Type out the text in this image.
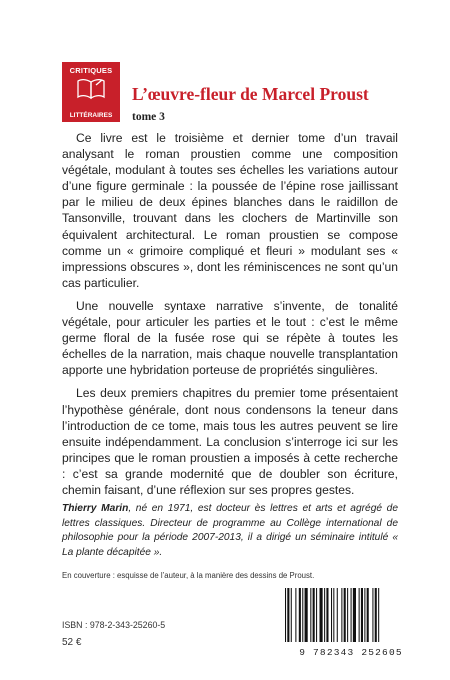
CRITIQUES
LITTÉRAIRES
L’œuvre-fleur de Marcel Proust
tome 3

Ce livre est le troisième et dernier tome d’un travail analysant le roman proustien comme une composition végétale, modulant à toutes ses échelles les variations autour d’une figure germinale : la poussée de l’épine rose jaillissant par le milieu de deux épines blanches dans le raidillon de Tansonville, trouvant dans les clochers de Martinville son équivalent architectural. Le roman proustien se compose comme un « grimoire compliqué et fleuri » modulant ses « impressions obscures », dont les réminiscences ne sont qu’un cas particulier.

Une nouvelle syntaxe narrative s’invente, de tonalité végétale, pour articuler les parties et le tout : c’est le même germe floral de la fusée rose qui se répète à toutes les échelles de la narration, mais chaque nouvelle transplantation apporte une hybridation porteuse de propriétés singulières.

Les deux premiers chapitres du premier tome présentaient l’hypothèse générale, dont nous condensons la teneur dans l’introduction de ce tome, mais tous les autres peuvent se lire ensuite indépendamment. La conclusion s’interroge ici sur les principes que le roman proustien a imposés à cette recherche : c’est sa grande modernité que de doubler son écriture, chemin faisant, d’une réflexion sur ses propres gestes.

Thierry Marin, né en 1971, est docteur ès lettres et arts et agrégé de lettres classiques. Directeur de programme au Collège international de philosophie pour la période 2007-2013, il a dirigé un séminaire intitulé « La plante décapitée ».
En couverture : esquisse de l’auteur, à la manière des dessins de Proust.
ISBN : 978-2-343-25260-5
52 €
9 782343 252605
